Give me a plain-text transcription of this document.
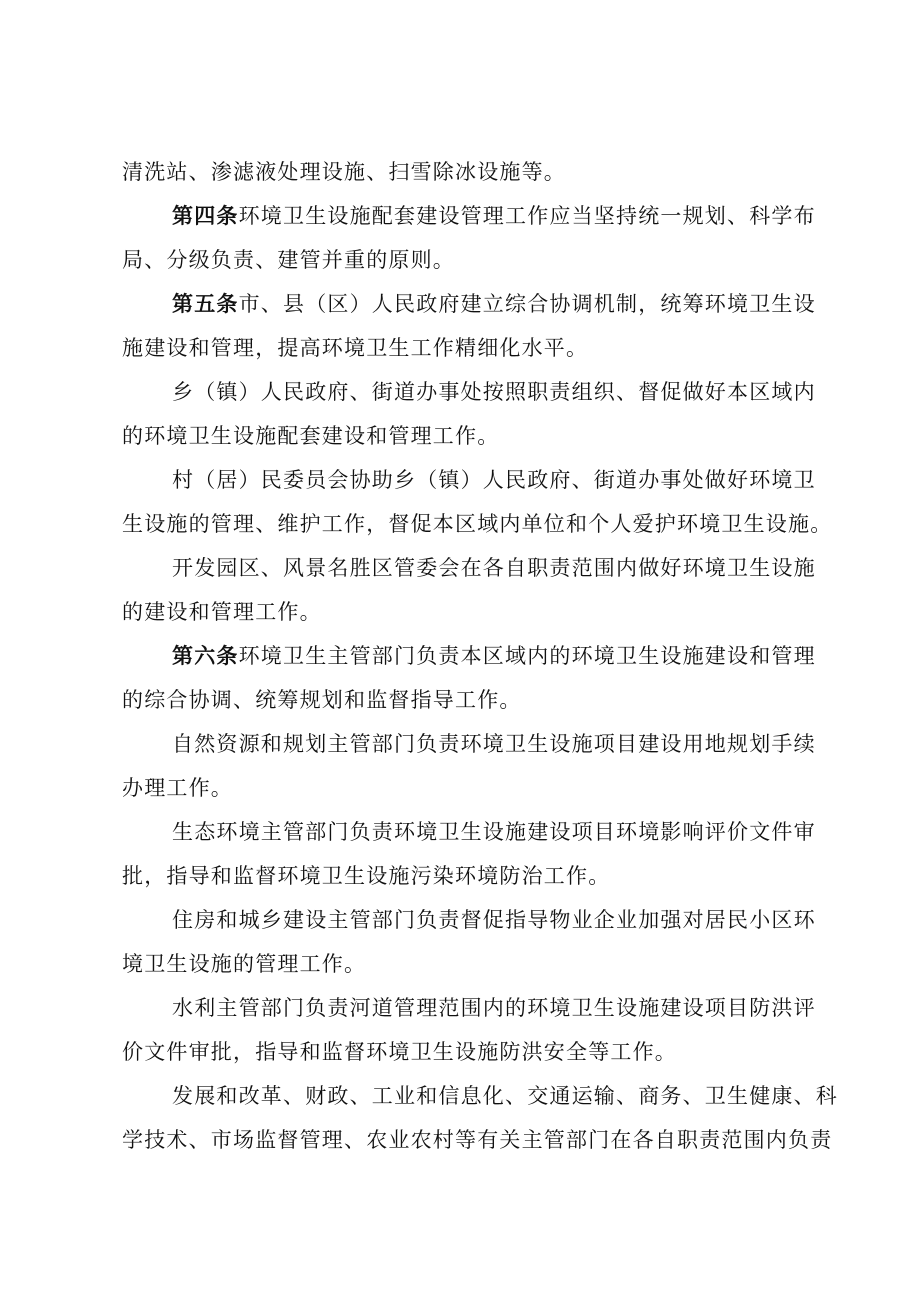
清洗站、渗滤液处理设施、扫雪除冰设施等。
第四条环境卫生设施配套建设管理工作应当坚持统一规划、科学布
局、分级负责、建管并重的原则。
第五条市、县（区）人民政府建立综合协调机制，统筹环境卫生设
施建设和管理，提高环境卫生工作精细化水平。
乡（镇）人民政府、街道办事处按照职责组织、督促做好本区域内
的环境卫生设施配套建设和管理工作。
村（居）民委员会协助乡（镇）人民政府、街道办事处做好环境卫
生设施的管理、维护工作，督促本区域内单位和个人爱护环境卫生设施。
开发园区、风景名胜区管委会在各自职责范围内做好环境卫生设施
的建设和管理工作。
第六条环境卫生主管部门负责本区域内的环境卫生设施建设和管理
的综合协调、统筹规划和监督指导工作。
自然资源和规划主管部门负责环境卫生设施项目建设用地规划手续
办理工作。
生态环境主管部门负责环境卫生设施建设项目环境影响评价文件审
批，指导和监督环境卫生设施污染环境防治工作。
住房和城乡建设主管部门负责督促指导物业企业加强对居民小区环
境卫生设施的管理工作。
水利主管部门负责河道管理范围内的环境卫生设施建设项目防洪评
价文件审批，指导和监督环境卫生设施防洪安全等工作。
发展和改革、财政、工业和信息化、交通运输、商务、卫生健康、科
学技术、市场监督管理、农业农村等有关主管部门在各自职责范围内负责
